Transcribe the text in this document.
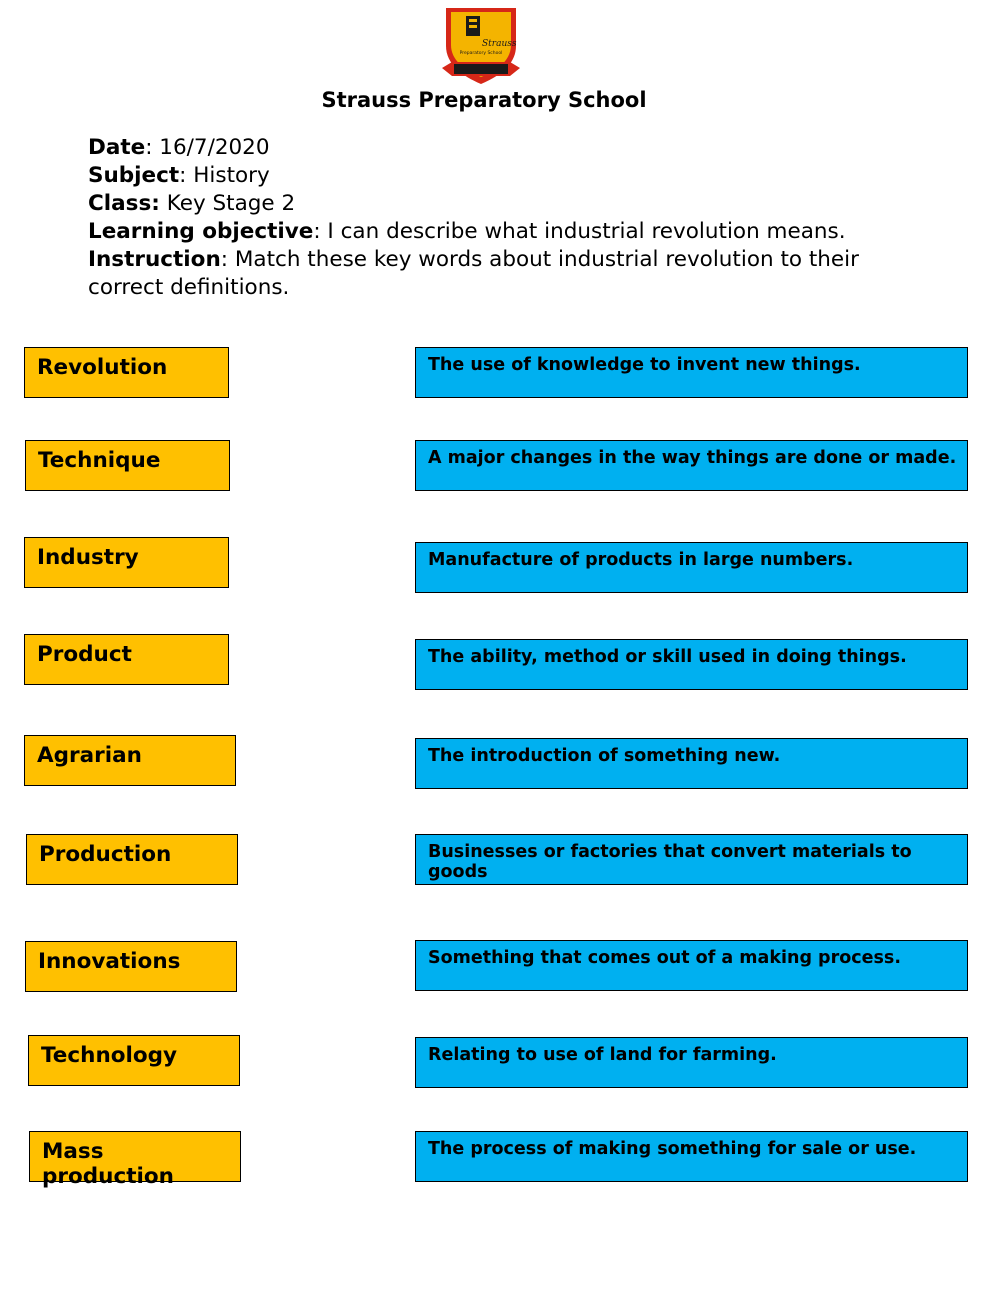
Strauss
Preparatory School
Strauss Preparatory School
Date: 16/7/2020
Subject: History
Class: Key Stage 2
Learning objective: I can describe what industrial revolution means.
Instruction: Match these key words about industrial revolution to their correct definitions.
Revolution
Technique
Industry
Product
Agrarian
Production
Innovations
Technology
Mass production
The use of knowledge to invent new things.
A major changes in the way things are done or made.
Manufacture of products in large numbers.
The ability, method or skill used in doing things.
The introduction of something new.
Businesses or factories that convert materials to goods
Something that comes out of a making process.
Relating to use of land for farming.
The process of making something for sale or use.
